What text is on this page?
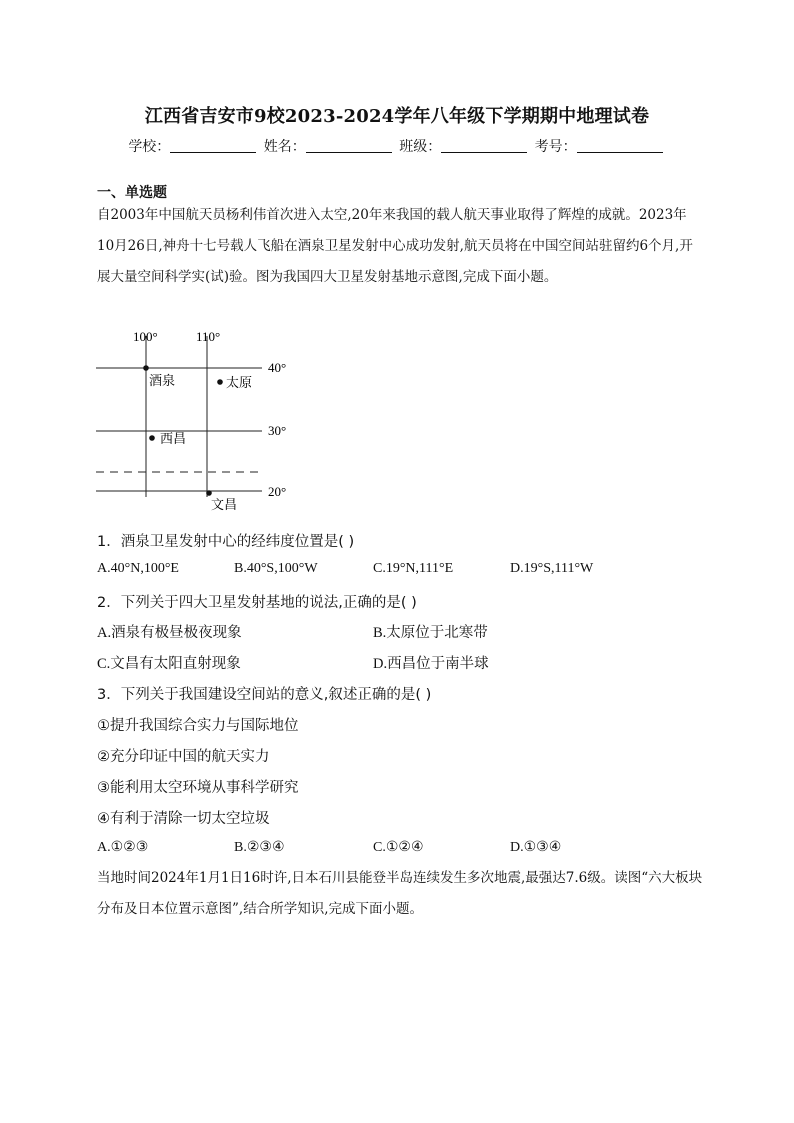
江西省吉安市9校2023-2024学年八年级下学期期中地理试卷
学校：	姓名：	班级：	考号：
一、单选题
自2003年中国航天员杨利伟首次进入太空,20年来我国的载人航天事业取得了辉煌的成就。2023年10月26日,神舟十七号载人飞船在酒泉卫星发射中心成功发射,航天员将在中国空间站驻留约6个月,开展大量空间科学实(试)验。图为我国四大卫星发射基地示意图,完成下面小题。
100°	110°
40°
30°
20°
酒泉	太原
西昌
文昌
1．酒泉卫星发射中心的经纬度位置是( )
A.40°N,100°E	B.40°S,100°W	C.19°N,111°E	D.19°S,111°W
2．下列关于四大卫星发射基地的说法,正确的是( )
A.酒泉有极昼极夜现象	B.太原位于北寒带
C.文昌有太阳直射现象	D.西昌位于南半球
3．下列关于我国建设空间站的意义,叙述正确的是( )
①提升我国综合实力与国际地位
②充分印证中国的航天实力
③能利用太空环境从事科学研究
④有利于清除一切太空垃圾
A.①②③	B.②③④	C.①②④	D.①③④
当地时间2024年1月1日16时许,日本石川县能登半岛连续发生多次地震,最强达7.6级。读图“六大板块分布及日本位置示意图”,结合所学知识,完成下面小题。
